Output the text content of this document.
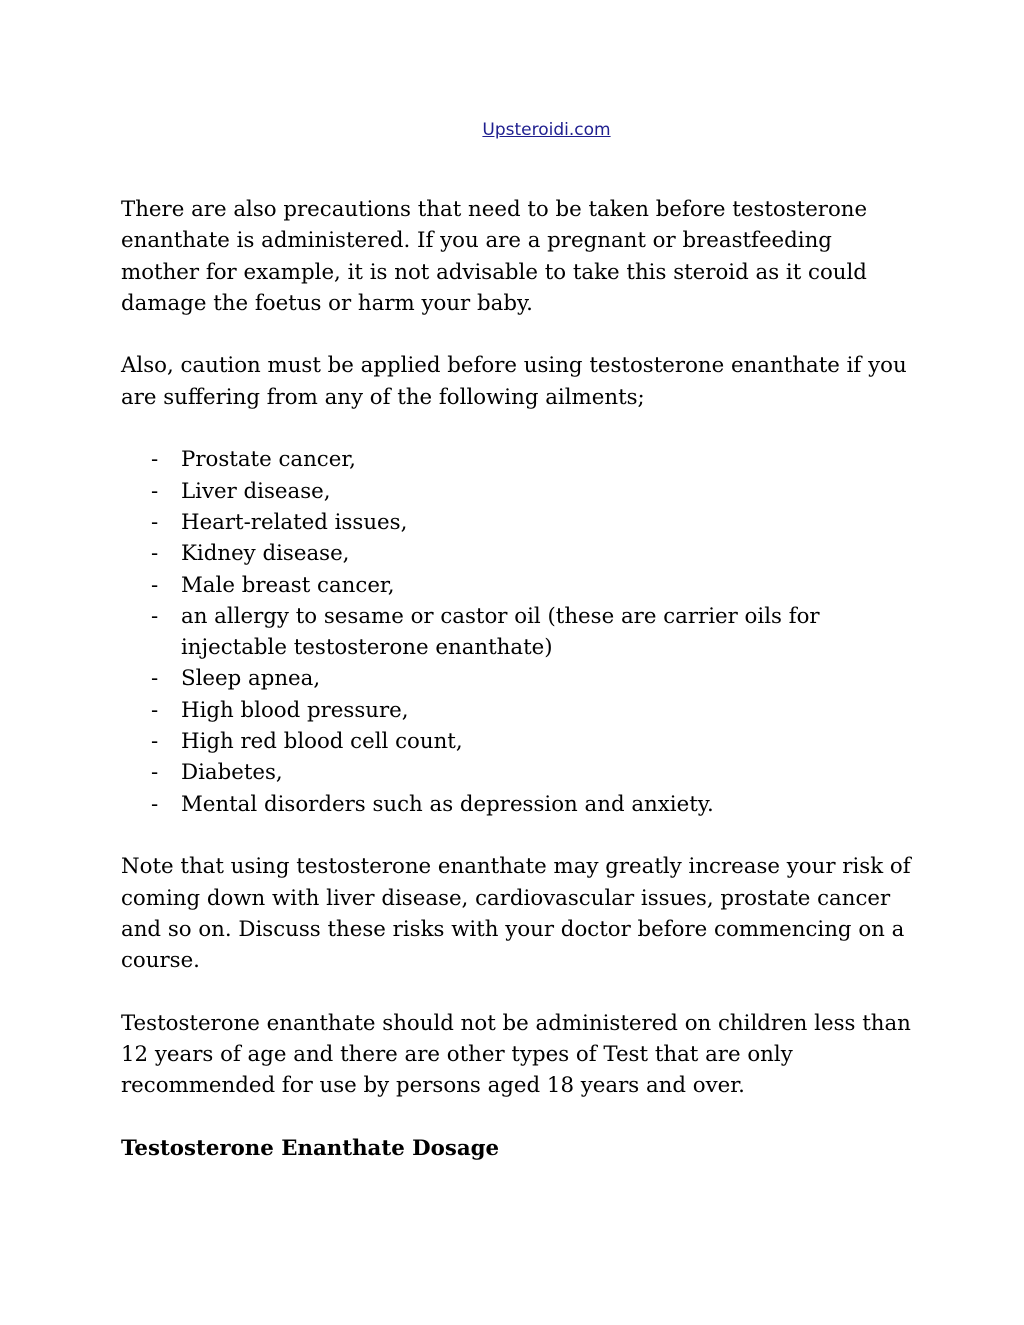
Upsteroidi.com

There are also precautions that need to be taken before testosterone enanthate is administered. If you are a pregnant or breastfeeding mother for example, it is not advisable to take this steroid as it could damage the foetus or harm your baby.

Also, caution must be applied before using testosterone enanthate if you are suffering from any of the following ailments;

- Prostate cancer,
- Liver disease,
- Heart-related issues,
- Kidney disease,
- Male breast cancer,
- an allergy to sesame or castor oil (these are carrier oils for injectable testosterone enanthate)
- Sleep apnea,
- High blood pressure,
- High red blood cell count,
- Diabetes,
- Mental disorders such as depression and anxiety.

Note that using testosterone enanthate may greatly increase your risk of coming down with liver disease, cardiovascular issues, prostate cancer and so on. Discuss these risks with your doctor before commencing on a course.

Testosterone enanthate should not be administered on children less than 12 years of age and there are other types of Test that are only recommended for use by persons aged 18 years and over.

Testosterone Enanthate Dosage
